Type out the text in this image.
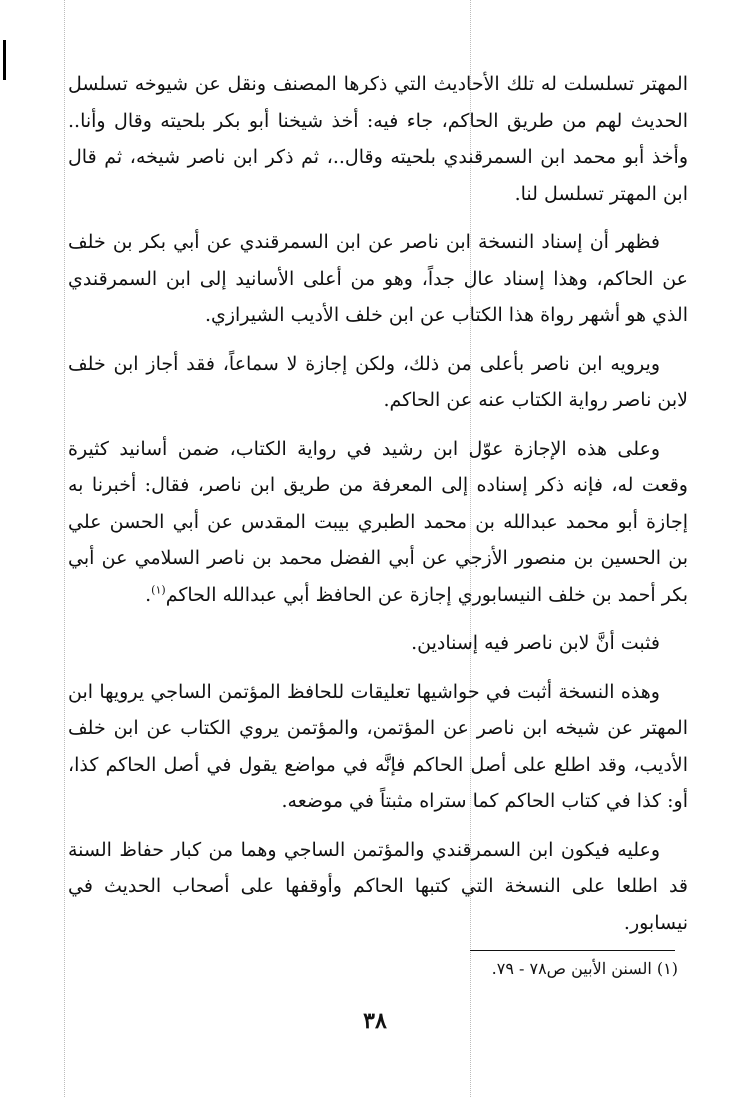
المهتر تسلسلت له تلك الأحاديث التي ذكرها المصنف ونقل عن شيوخه تسلسل الحديث لهم من طريق الحاكم، جاء فيه: أخذ شيخنا أبو بكر بلحيته وقال وأنا.. وأخذ أبو محمد ابن السمرقندي بلحيته وقال..، ثم ذكر ابن ناصر شيخه، ثم قال ابن المهتر تسلسل لنا.

فظهر أن إسناد النسخة ابن ناصر عن ابن السمرقندي عن أبي بكر بن خلف عن الحاكم، وهذا إسناد عال جداً، وهو من أعلى الأسانيد إلى ابن السمرقندي الذي هو أشهر رواة هذا الكتاب عن ابن خلف الأديب الشيرازي.

ويرويه ابن ناصر بأعلى من ذلك، ولكن إجازة لا سماعاً، فقد أجاز ابن خلف لابن ناصر رواية الكتاب عنه عن الحاكم.

وعلى هذه الإجازة عوّل ابن رشيد في رواية الكتاب، ضمن أسانيد كثيرة وقعت له، فإنه ذكر إسناده إلى المعرفة من طريق ابن ناصر، فقال: أخبرنا به إجازة أبو محمد عبدالله بن محمد الطبري بيبت المقدس عن أبي الحسن علي بن الحسين بن منصور الأزجي عن أبي الفضل محمد بن ناصر السلامي عن أبي بكر أحمد بن خلف النيسابوري إجازة عن الحافظ أبي عبدالله الحاكم$^{(١)}$.

فثبت أنَّ لابن ناصر فيه إسنادين.

وهذه النسخة أثبت في حواشيها تعليقات للحافظ المؤتمن الساجي يرويها ابن المهتر عن شيخه ابن ناصر عن المؤتمن، والمؤتمن يروي الكتاب عن ابن خلف الأديب، وقد اطلع على أصل الحاكم فإنَّه في مواضع يقول في أصل الحاكم كذا، أو: كذا في كتاب الحاكم كما ستراه مثبتاً في موضعه.

وعليه فيكون ابن السمرقندي والمؤتمن الساجي وهما من كبار حفاظ السنة قد اطلعا على النسخة التي كتبها الحاكم وأوقفها على أصحاب الحديث في نيسابور.

(١) السنن الأبين ص٧٨ - ٧٩.
٣٨
